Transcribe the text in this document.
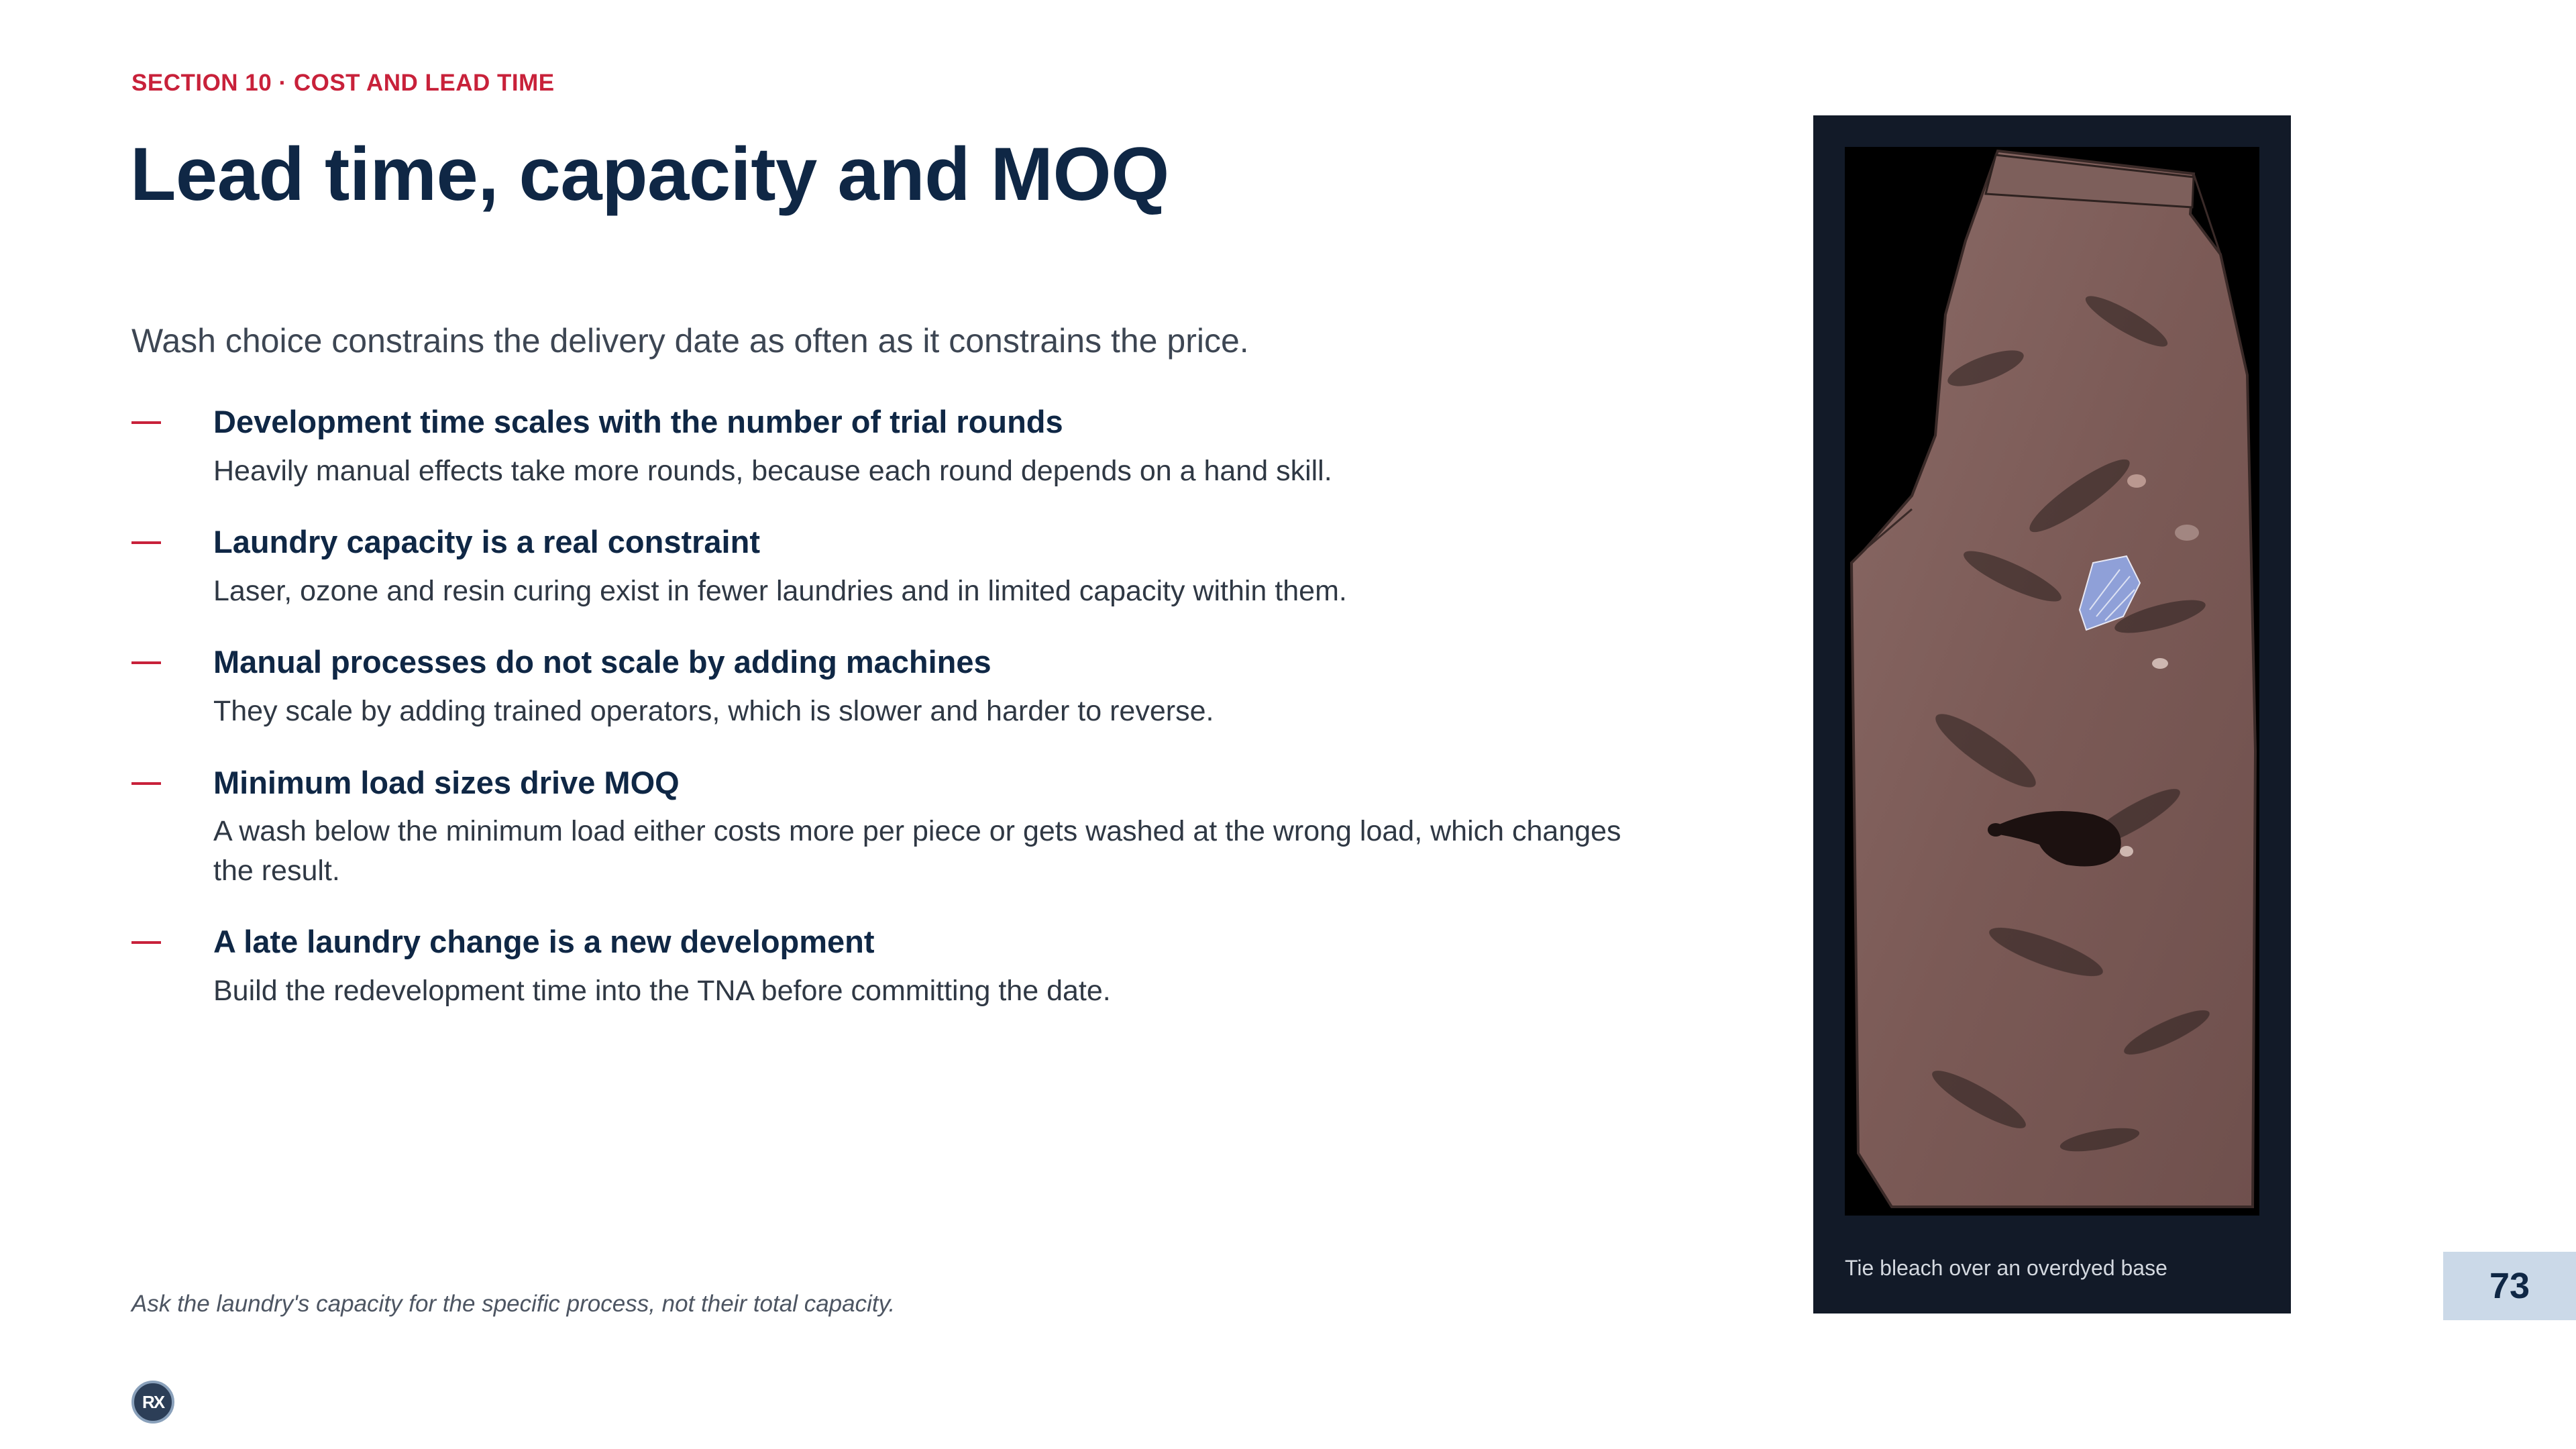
SECTION 10 · COST AND LEAD TIME
Lead time, capacity and MOQ
Wash choice constrains the delivery date as often as it constrains the price.
Development time scales with the number of trial rounds
Heavily manual effects take more rounds, because each round depends on a hand skill.
Laundry capacity is a real constraint
Laser, ozone and resin curing exist in fewer laundries and in limited capacity within them.
Manual processes do not scale by adding machines
They scale by adding trained operators, which is slower and harder to reverse.
Minimum load sizes drive MOQ
A wash below the minimum load either costs more per piece or gets washed at the wrong load, which changes the result.
A late laundry change is a new development
Build the redevelopment time into the TNA before committing the date.
Ask the laundry's capacity for the specific process, not their total capacity.
RX
Tie bleach over an overdyed base	73
